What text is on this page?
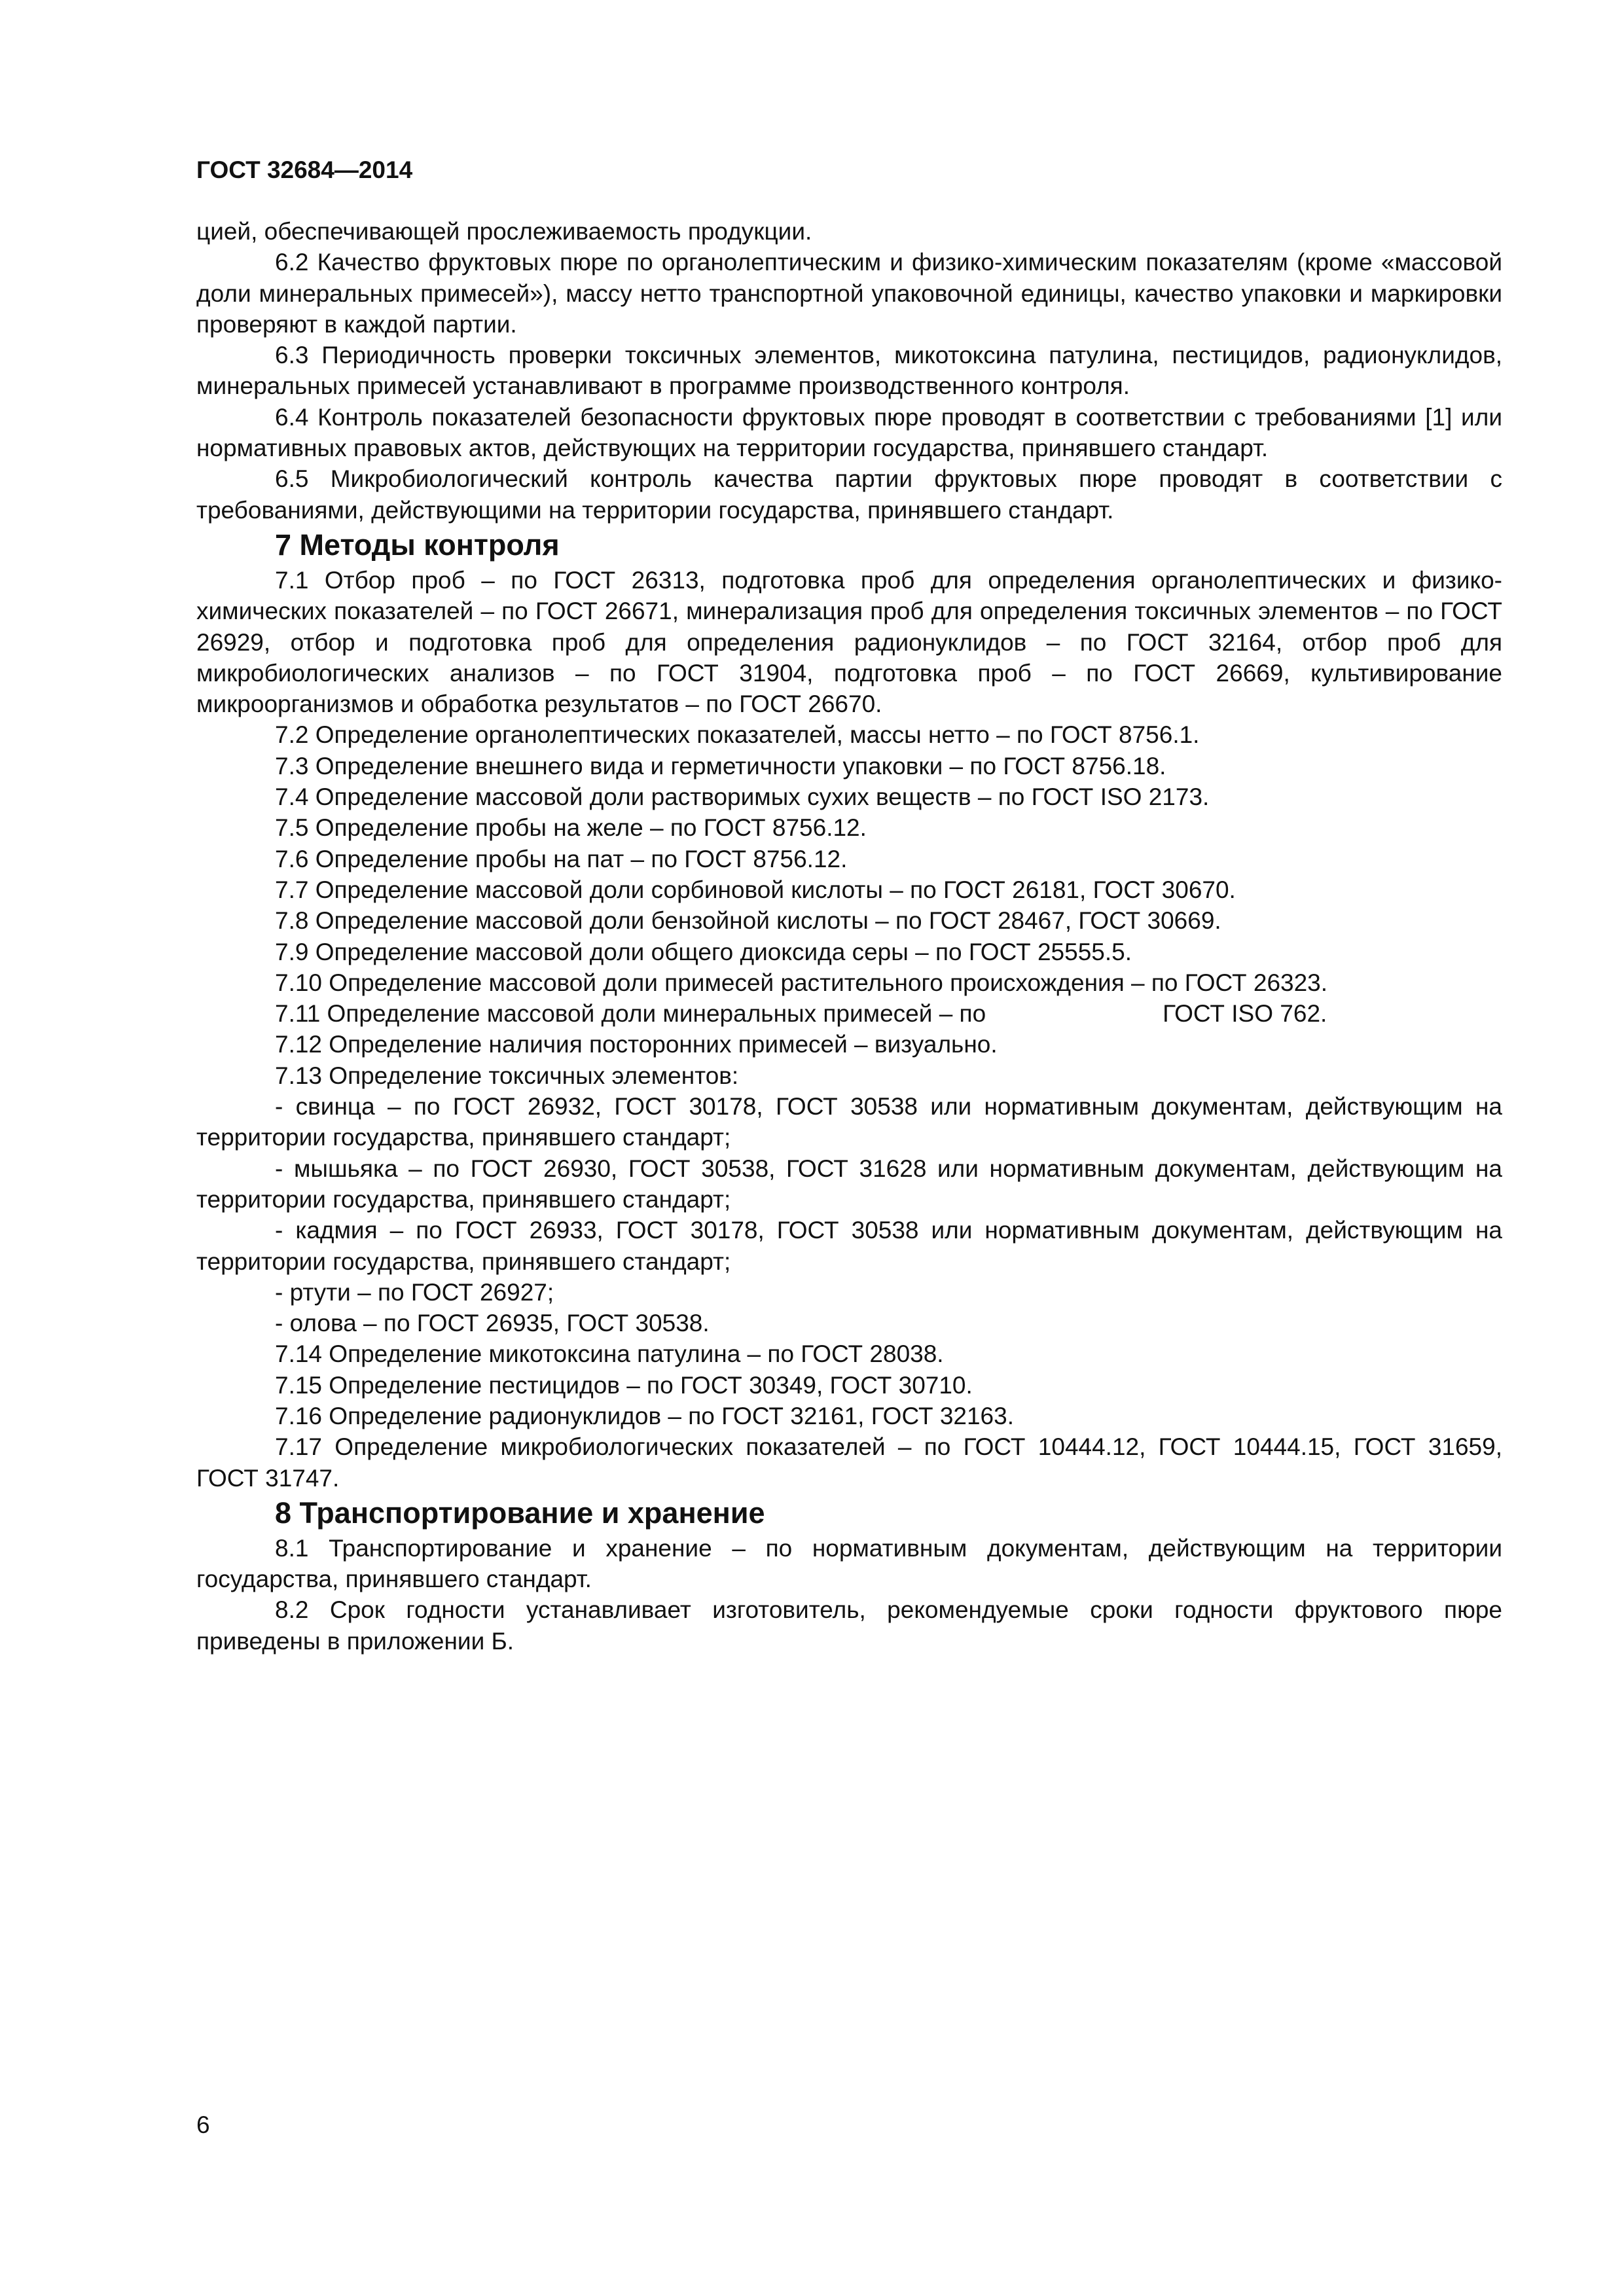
ГОСТ 32684—2014

цией, обеспечивающей прослеживаемость продукции.

6.2 Качество фруктовых пюре по органолептическим и физико-химическим показателям (кроме «массовой доли минеральных примесей»), массу нетто транспортной упаковочной единицы, качество упаковки и маркировки проверяют в каждой партии.

6.3 Периодичность проверки токсичных элементов, микотоксина патулина, пестицидов, радионуклидов, минеральных примесей устанавливают в программе производственного контроля.

6.4 Контроль показателей безопасности фруктовых пюре проводят в соответствии с требованиями [1] или нормативных правовых актов, действующих на территории государства, принявшего стандарт.

6.5 Микробиологический контроль качества партии фруктовых пюре проводят в соответствии с требованиями, действующими на территории государства, принявшего стандарт.

7 Методы контроля

7.1 Отбор проб – по ГОСТ 26313, подготовка проб для определения органолептических и физико-химических показателей – по ГОСТ 26671, минерализация проб для определения токсичных элементов – по ГОСТ 26929, отбор и подготовка проб для определения радионуклидов – по ГОСТ 32164, отбор проб для микробиологических анализов – по ГОСТ 31904, подготовка проб – по ГОСТ 26669, культивирование микроорганизмов и обработка результатов – по ГОСТ 26670.

7.2 Определение органолептических показателей, массы нетто – по ГОСТ 8756.1.

7.3 Определение внешнего вида и герметичности упаковки – по ГОСТ 8756.18.

7.4 Определение массовой доли растворимых сухих веществ – по ГОСТ ISO 2173.

7.5 Определение пробы на желе – по ГОСТ 8756.12.

7.6 Определение пробы на пат – по ГОСТ 8756.12.

7.7 Определение массовой доли сорбиновой кислоты – по ГОСТ 26181, ГОСТ 30670.

7.8 Определение массовой доли бензойной кислоты – по ГОСТ 28467, ГОСТ 30669.

7.9 Определение массовой доли общего диоксида серы – по ГОСТ 25555.5.

7.10 Определение массовой доли примесей растительного происхождения – по ГОСТ 26323.

7.11 Определение массовой доли минеральных примесей – по	ГОСТ ISO 762.

7.12 Определение наличия посторонних примесей – визуально.

7.13 Определение токсичных элементов:

- свинца – по ГОСТ 26932, ГОСТ 30178, ГОСТ 30538 или нормативным документам, действующим на территории государства, принявшего стандарт;

- мышьяка – по ГОСТ 26930, ГОСТ 30538, ГОСТ 31628 или нормативным документам, действующим на территории государства, принявшего стандарт;

- кадмия – по ГОСТ 26933, ГОСТ 30178, ГОСТ 30538 или нормативным документам, действующим на территории государства, принявшего стандарт;

- ртути – по ГОСТ 26927;

- олова – по ГОСТ 26935, ГОСТ 30538.

7.14 Определение микотоксина патулина – по ГОСТ 28038.

7.15 Определение пестицидов – по ГОСТ 30349, ГОСТ 30710.

7.16 Определение радионуклидов – по ГОСТ 32161, ГОСТ 32163.

7.17 Определение микробиологических показателей – по ГОСТ 10444.12, ГОСТ 10444.15, ГОСТ 31659, ГОСТ 31747.

8 Транспортирование и хранение

8.1 Транспортирование и хранение – по нормативным документам, действующим на территории государства, принявшего стандарт.

8.2 Срок годности устанавливает изготовитель, рекомендуемые сроки годности фруктового пюре приведены в приложении Б.

6
